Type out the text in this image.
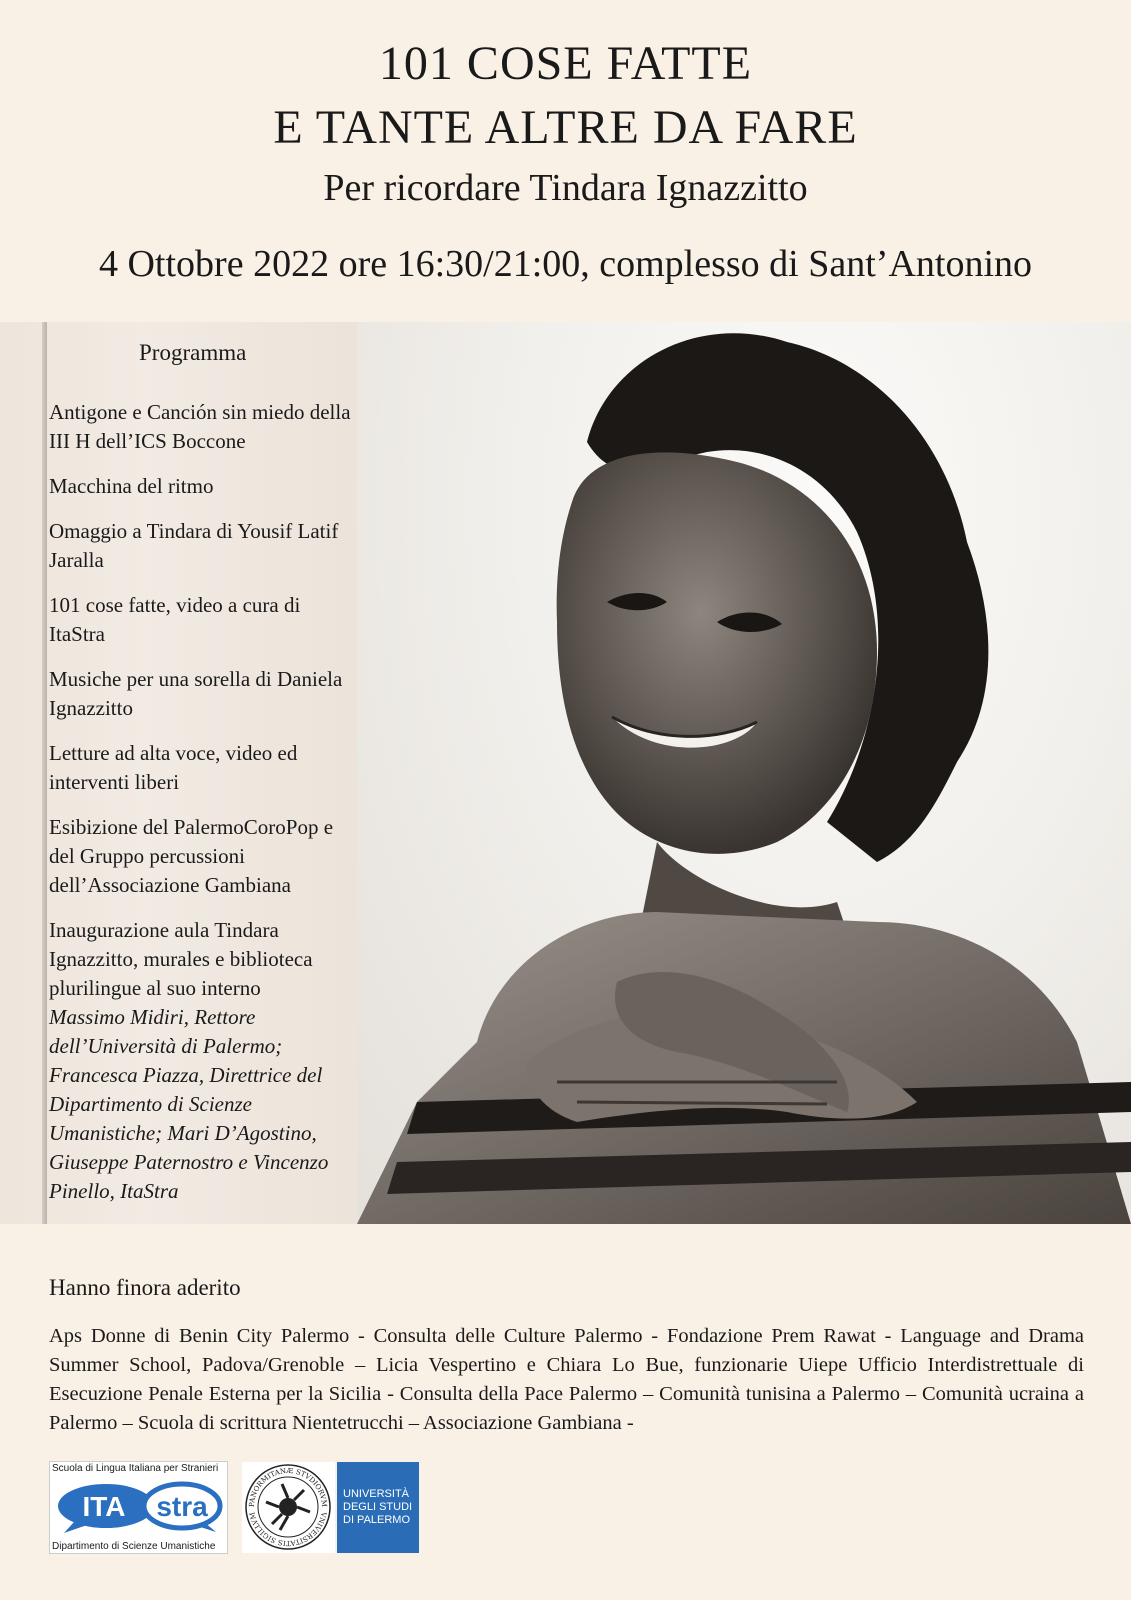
101 COSE FATTE
E TANTE ALTRE DA FARE
Per ricordare Tindara Ignazzitto
4 Ottobre 2022 ore 16:30/21:00, complesso di Sant’Antonino
Programma
Antigone e Canción sin miedo della III H dell’ICS Boccone
Macchina del ritmo
Omaggio a Tindara di Yousif Latif Jaralla
101 cose fatte, video a cura di ItaStra
Musiche per una sorella di Daniela Ignazzitto
Letture ad alta voce, video ed interventi liberi
Esibizione del PalermoCoroPop e del Gruppo percussioni dell’Associazione Gambiana
Inaugurazione aula Tindara Ignazzitto, murales e biblioteca plurilingue al suo interno
Massimo Midiri, Rettore dell’Università di Palermo; Francesca Piazza, Direttrice del Dipartimento di Scienze Umanistiche; Mari D’Agostino, Giuseppe Paternostro e Vincenzo Pinello, ItaStra
Hanno finora aderito
Aps Donne di Benin City Palermo - Consulta delle Culture Palermo - Fondazione Prem Rawat - Language and Drama Summer School, Padova/Grenoble – Licia Vespertino e Chiara Lo Bue, funzionarie Uiepe Ufficio Interdistrettuale di Esecuzione Penale Esterna per la Sicilia - Consulta della Pace Palermo – Comunità tunisina a Palermo – Comunità ucraina a Palermo – Scuola di scrittura Nientetrucchi – Associazione Gambiana -
Scuola di Lingua Italiana per Stranieri
ITA stra
Dipartimento di Scienze Umanistiche
PANORMITANÆ STVDIORVM
VNIVERSITATIS SIGILLVM
UNIVERSITÀ
DEGLI STUDI
DI PALERMO
